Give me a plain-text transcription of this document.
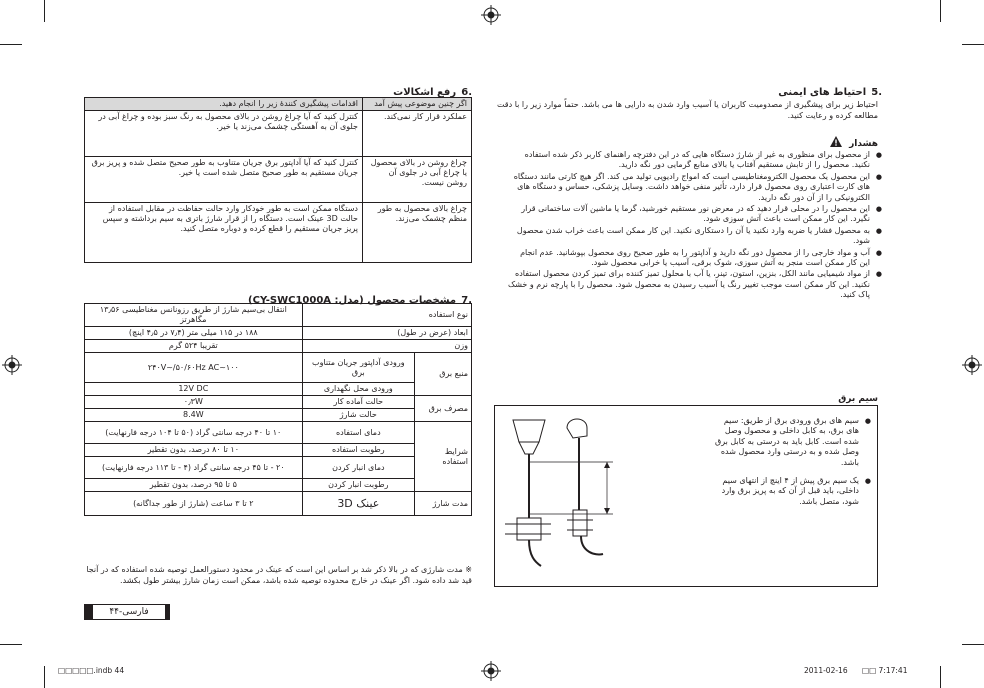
.6 رفع اشکالات
اگر چنین موضوعی پیش آمد	اقدامات پیشگیری کنندهٔ زیر را انجام دهید.
عملکرد قرار کار نمی‌کند.	کنترل کنید که آیا چراغ روشن در بالای محصول به رنگ سبز بوده و چراغ آبی در جلوی آن به آهستگی چشمک می‌زند یا خیر.
چراغ روشن در بالای محصول یا چراغ آبی در جلوی آن روشن نیست.	کنترل کنید که آیا آداپتور برق جریان متناوب به طور صحیح متصل شده و پریز برق جریان مستقیم به طور صحیح متصل شده است یا خیر.
چراغ بالای محصول به طور منظم چشمک می‌زند.	دستگاه ممکن است به طور خودکار وارد حالت حفاظت در مقابل استفاده از حالت 3D عینک است. دستگاه را از قرار شارژ باتری به سیم برداشته و سپس پریز جریان مستقیم را قطع کرده و دوباره متصل کنید.
.7 مشخصات محصول (مدل: CY-SWC1000A)
نوع استفاده		انتقال بی‌سیم شارژ از طریق رزونانس مغناطیسی ۱۳٫۵۶ مگاهرتز
ابعاد (عرض در طول)		۱۸۸ در ۱۱۵ میلی متر (۷٫۴ در ۴٫۵ اینچ)
وزن		تقریبا ۵۲۴ گرم
منبع برق	ورودی آداپتور جریان متناوب برق	۱۰۰~۲۴۰V~/۵۰/۶۰Hz AC
	ورودی محل نگهداری	12V DC
مصرف برق	حالت آماده کار	۰٫۳W
	حالت شارژ	8.4W
شرایط استفاده	دمای استفاده	۱۰ تا ۴۰ درجه سانتی گراد (۵۰ تا ۱۰۴ درجه فارنهایت)
	رطوبت استفاده	۱۰ تا ۸۰ درصد، بدون تقطیر
	دمای انبار کردن	۲۰ - تا ۴۵ درجه سانتی گراد (۴ - تا ۱۱۳ درجه فارنهایت)
	رطوبت انبار کردن	۵ تا ۹۵ درصد، بدون تقطیر
مدت شارژ	عینک 3D	۲ تا ۳ ساعت (شارژ از طور جداگانه)
※ مدت شارژی که در بالا ذکر شد بر اساس این است که عینک در محدود دستورالعمل توصیه شده استفاده که در آنجا قید شد داده شود. اگر عینک در خارج محدوده توصیه شده باشد، ممکن است زمان شارژ بیشتر طول بکشد.
۴۴-فارسی
.5 احتیاط های ایمنی
احتیاط زیر برای پیشگیری از مصدومیت کاربران یا آسیب وارد شدن به دارایی ها می باشد. حتماً موارد زیر را با دقت مطالعه کرده و رعایت کنید.
هشدار
● از محصول برای منظوری به غیر از شارژ دستگاه هایی که در این دفترچه راهنمای کاربر ذکر شده استفاده نکنید. محصول را از تابش مستقیم آفتاب یا بالای منابع گرمایی دور نگه دارید.
● این محصول یک محصول الکترومغناطیسی است که امواج رادیویی تولید می کند. اگر هیچ کارتی مانند دستگاه های کارت اعتباری روی محصول قرار دارد، تأثیر منفی خواهد داشت. وسایل پزشکی، حساس و دستگاه های الکترونیکی را از آن دور نگه دارید.
● این محصول را در محلی قرار دهید که در معرض نور مستقیم خورشید، گرما یا ماشین آلات ساختمانی قرار نگیرد. این کار ممکن است باعث آتش سوزی شود.
● به محصول فشار یا ضربه وارد نکنید یا آن را دستکاری نکنید. این کار ممکن است باعث خراب شدن محصول شود.
● آب و مواد خارجی را از محصول دور نگه دارید و آداپتور را به طور صحیح روی محصول بپوشانید. عدم انجام این کار ممکن است منجر به آتش سوزی، شوک برقی، آسیب یا خرابی محصول شود.
● از مواد شیمیایی مانند الکل، بنزین، استون، تینر، یا آب با محلول تمیز کننده برای تمیز کردن محصول استفاده نکنید. این کار ممکن است موجب تغییر رنگ یا آسیب رسیدن به محصول شود. محصول را با پارچه نرم و خشک پاک کنید.
سیم برق
● سیم های برق ورودی برق از طریق: سیم های برق، به کابل داخلی و محصول وصل شده است. کابل باید به درستی به کابل برق وصل شده و به درستی وارد محصول شده باشد.
● یک سیم برق پیش از ۴ اینچ از انتهای سیم داخلی، باید قبل از آن که به پریز برق وارد شود، متصل باشد.
□□□□□.indb 44	2011-02-16 □□ 7:17:41
